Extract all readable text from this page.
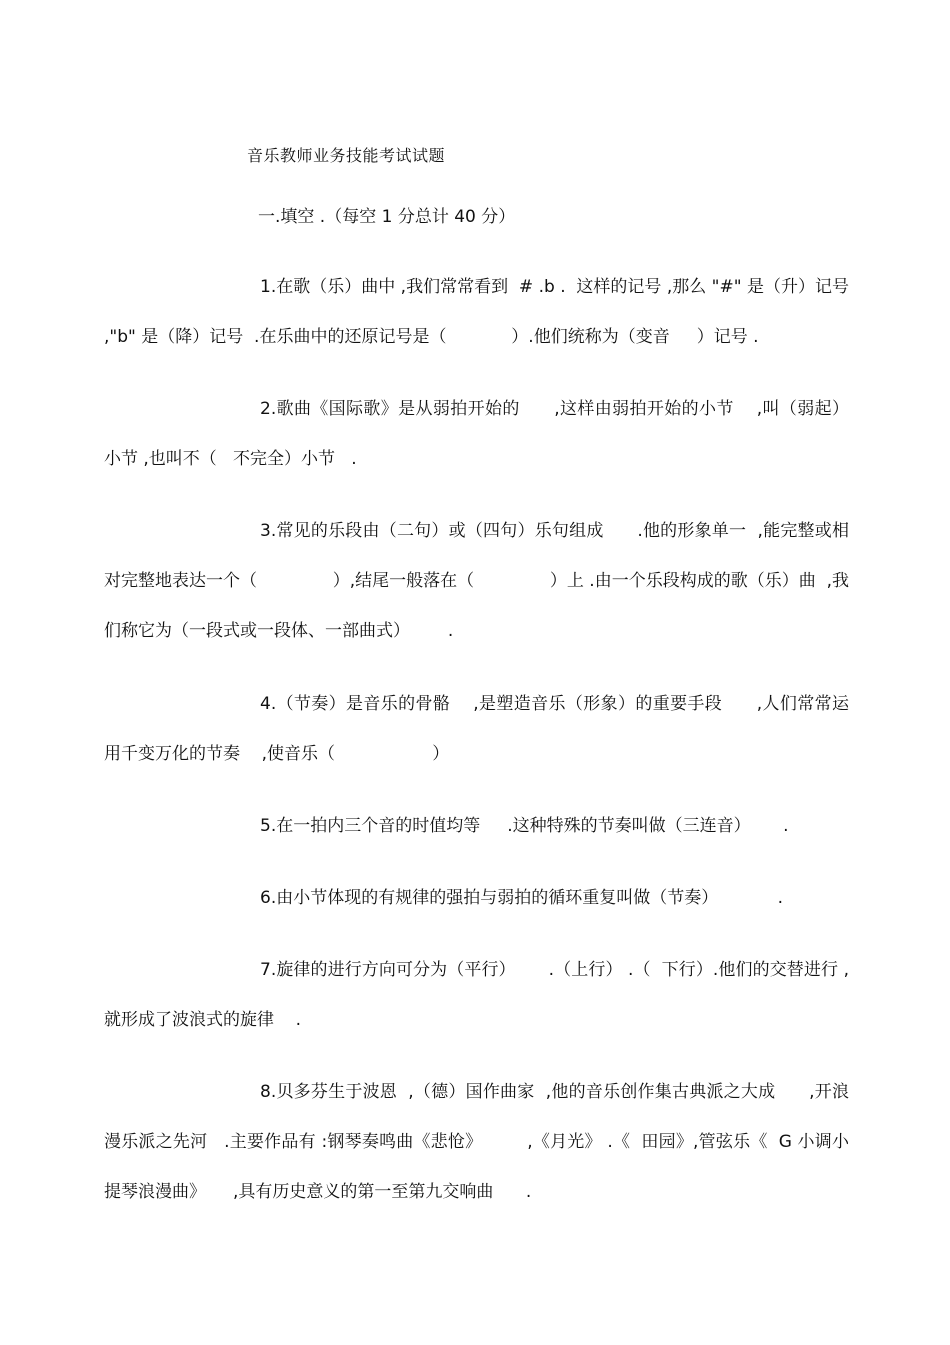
音乐教师业务技能考试试题
一.填空 .（每空 1 分总计 40 分）
1.在歌（乐）曲中 ,我们常常看到  # .b .  这样的记号 ,那么 "#" 是（升）记号 ,"b" 是（降）记号  .在乐曲中的还原记号是（            ）.他们统称为（变音     ）记号 .
2.歌曲《国际歌》是从弱拍开始的      ,这样由弱拍开始的小节    ,叫（弱起）小节 ,也叫不（   不完全）小节   .
3.常见的乐段由（二句）或（四句）乐句组成      .他的形象单一  ,能完整或相对完整地表达一个（              ）,结尾一般落在（              ）上 .由一个乐段构成的歌（乐）曲  ,我们称它为（一段式或一段体、一部曲式）       .
4.（节奏）是音乐的骨骼    ,是塑造音乐（形象）的重要手段      ,人们常常运用千变万化的节奏    ,使音乐（                  ）
5.在一拍内三个音的时值均等     .这种特殊的节奏叫做（三连音）      .
6.由小节体现的有规律的强拍与弱拍的循环重复叫做（节奏）           .
7.旋律的进行方向可分为（平行）      .（上行） .（  下行）.他们的交替进行 ,就形成了波浪式的旋律    .
8.贝多芬生于波恩  ,（德）国作曲家  ,他的音乐创作集古典派之大成      ,开浪漫乐派之先河   .主要作品有 :钢琴奏鸣曲《悲怆》        ,《月光》 .《  田园》,管弦乐《  G 小调小提琴浪漫曲》     ,具有历史意义的第一至第九交响曲      .
